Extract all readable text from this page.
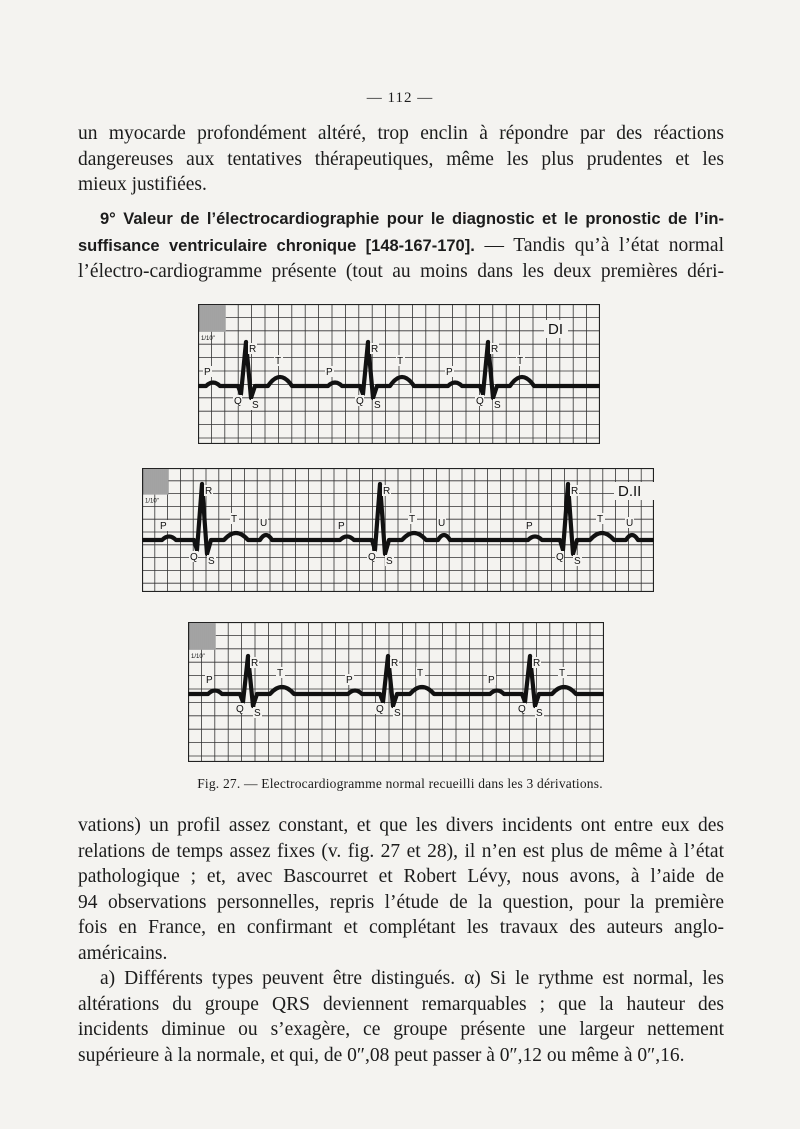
— 112 —

un myocarde profondément altéré, trop enclin à répondre par des réactions
dangereuses aux tentatives thérapeutiques, même les plus prudentes et les
mieux justifiées.

9° Valeur de l’électrocardiographie pour le diagnostic et le pronostic de l’in-
suffisance ventriculaire chronique [148-167-170]. — Tandis qu’à l’état normal
l’électro-cardiogramme présente (tout au moins dans les deux premières déri-

1/10"
DI
P
Q
R
S
T
P
Q
R
S
T
P
Q
R
S
T
1/10"
D.II
P
Q
R
S
T U	P
Q
R
S
T U	P
Q
R
S
T U
1/10"
P
Q
R
S
T
P
Q
R
S
T
P
Q
R
S
T
Fig. 27. — Electrocardiogramme normal recueilli dans les 3 dérivations.

vations) un profil assez constant, et que les divers incidents ont entre eux des
relations de temps assez fixes (v. fig. 27 et 28), il n’en est plus de même à l’état
pathologique ; et, avec Bascourret et Robert Lévy, nous avons, à l’aide de
94 observations personnelles, repris l’étude de la question, pour la première
fois en France, en confirmant et complétant les travaux des auteurs anglo-
américains.

a) Différents types peuvent être distingués. α) Si le rythme est normal, les
altérations du groupe QRS deviennent remarquables ; que la hauteur des
incidents diminue ou s’exagère, ce groupe présente une largeur nettement
supérieure à la normale, et qui, de 0″,08 peut passer à 0″,12 ou même à 0″,16.
